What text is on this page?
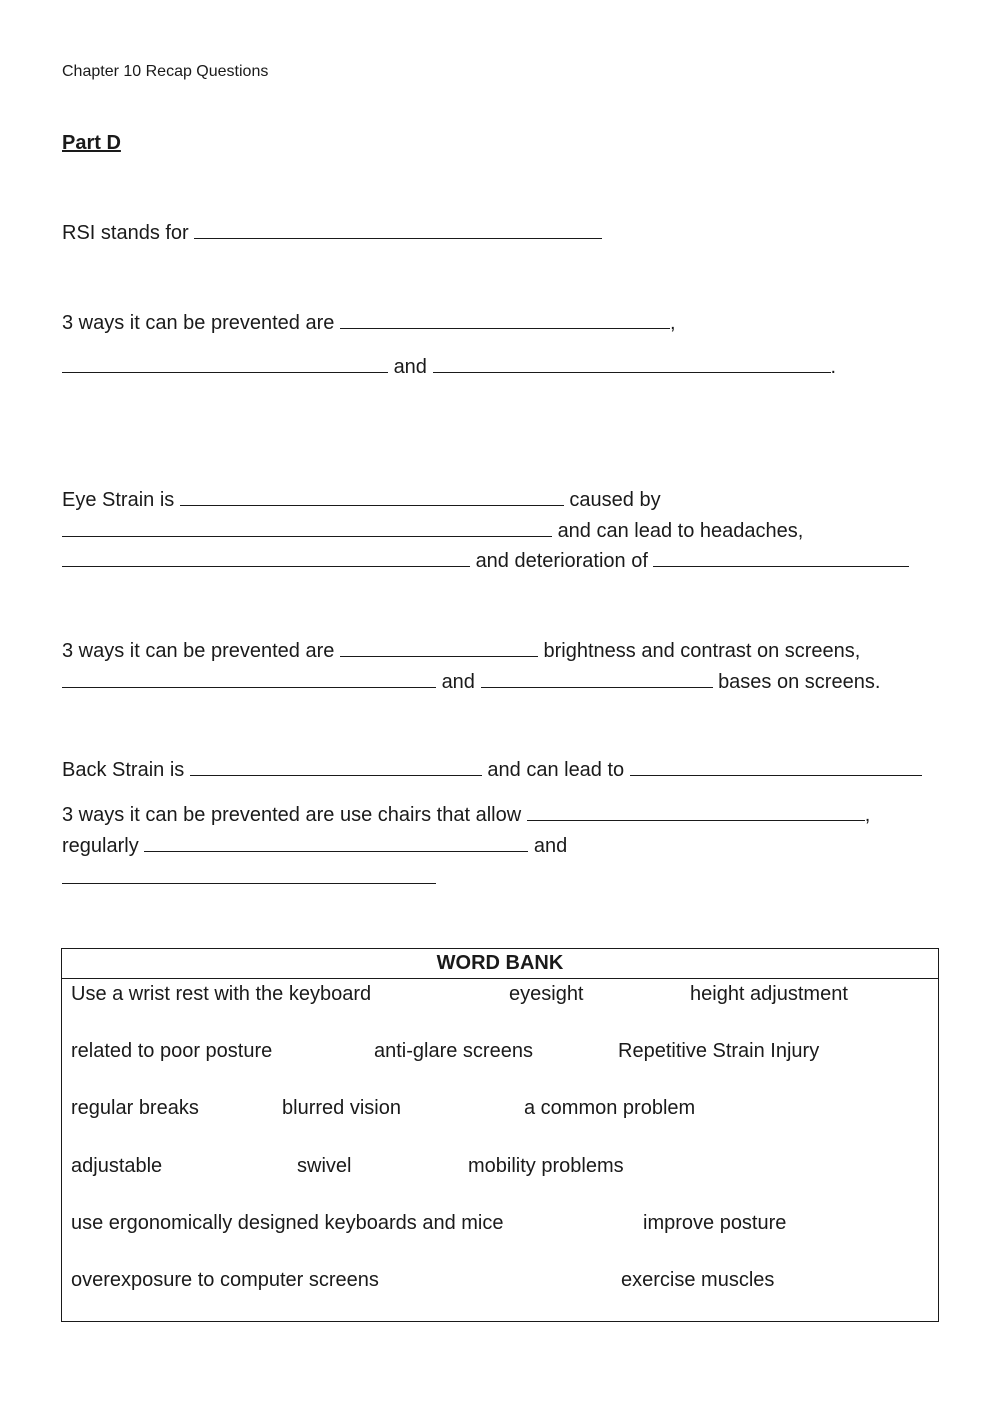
Chapter 10 Recap Questions
Part D
RSI stands for
3 ways it can be prevented are	,
and	.
Eye Strain is	caused by
and can lead to headaches,
and deterioration of
3 ways it can be prevented are	brightness and contrast on screens,
and	bases on screens.
Back Strain is	and can lead to
3 ways it can be prevented are use chairs that allow	,
regularly	and
WORD BANK
Use a wrist rest with the keyboard	eyesight	height adjustment
related to poor posture	anti-glare screens	Repetitive Strain Injury
regular breaks	blurred vision	a common problem
adjustable	swivel	mobility problems
use ergonomically designed keyboards and mice	improve posture
overexposure to computer screens	exercise muscles
